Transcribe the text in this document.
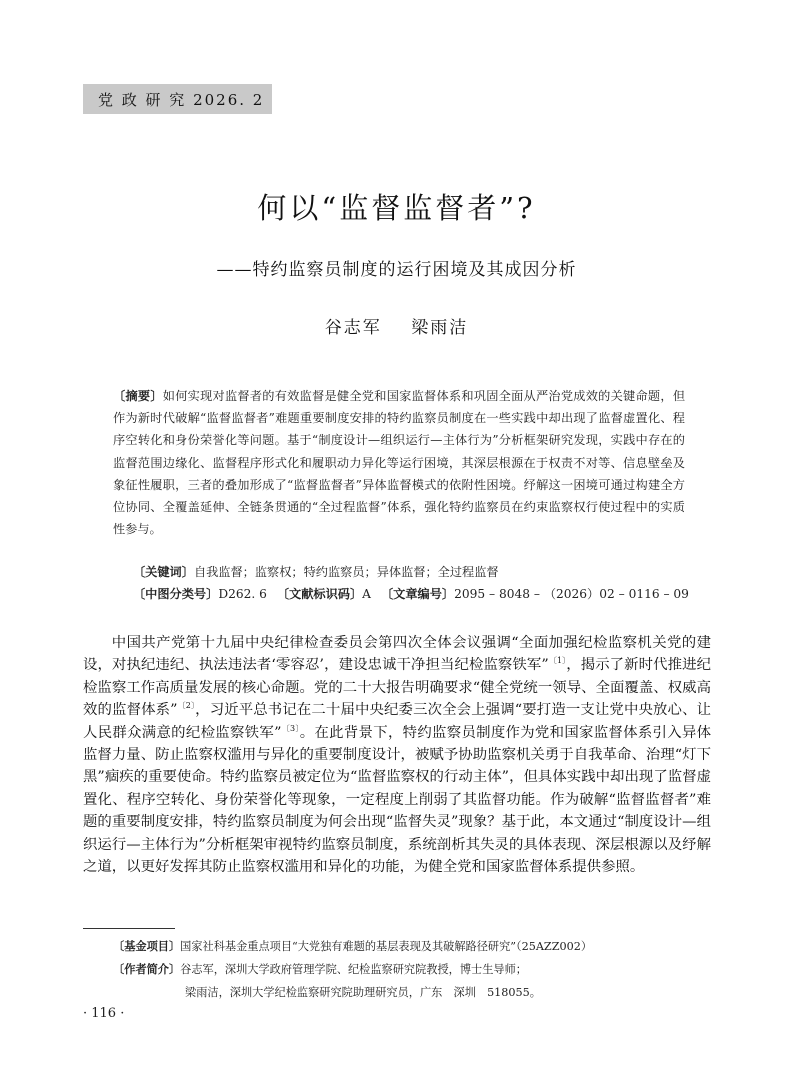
党 政 研 究 2026. 2
何以“监督监督者”?
——特约监察员制度的运行困境及其成因分析
谷志军 梁雨洁
〔摘要〕如何实现对监督者的有效监督是健全党和国家监督体系和巩固全面从严治党成效的关键命题，但作为新时代破解“监督监督者”难题重要制度安排的特约监察员制度在一些实践中却出现了监督虚置化、程序空转化和身份荣誉化等问题。基于“制度设计—组织运行—主体行为”分析框架研究发现，实践中存在的监督范围边缘化、监督程序形式化和履职动力异化等运行困境，其深层根源在于权责不对等、信息壁垒及象征性履职，三者的叠加形成了“监督监督者”异体监督模式的依附性困境。纾解这一困境可通过构建全方位协同、全覆盖延伸、全链条贯通的“全过程监督”体系，强化特约监察员在约束监察权行使过程中的实质性参与。
〔关键词〕自我监督；监察权；特约监察员；异体监督；全过程监督
〔中图分类号〕D262. 6 〔文献标识码〕A 〔文章编号〕2095 – 8048 – （2026）02 – 0116 – 09
中国共产党第十九届中央纪律检查委员会第四次全体会议强调“全面加强纪检监察机关党的建设，对执纪违纪、执法违法者‘零容忍’，建设忠诚干净担当纪检监察铁军”$^{〔1〕}$，揭示了新时代推进纪检监察工作高质量发展的核心命题。党的二十大报告明确要求“健全党统一领导、全面覆盖、权威高效的监督体系”$^{〔2〕}$，习近平总书记在二十届中央纪委三次全会上强调“要打造一支让党中央放心、让人民群众满意的纪检监察铁军”$^{〔3〕}$。在此背景下，特约监察员制度作为党和国家监督体系引入异体监督力量、防止监察权滥用与异化的重要制度设计，被赋予协助监察机关勇于自我革命、治理“灯下黑”痼疾的重要使命。特约监察员被定位为“监督监察权的行动主体”，但具体实践中却出现了监督虚置化、程序空转化、身份荣誉化等现象，一定程度上削弱了其监督功能。作为破解“监督监督者”难题的重要制度安排，特约监察员制度为何会出现“监督失灵”现象？基于此，本文通过“制度设计—组织运行—主体行为”分析框架审视特约监察员制度，系统剖析其失灵的具体表现、深层根源以及纾解之道，以更好发挥其防止监察权滥用和异化的功能，为健全党和国家监督体系提供参照。
〔基金项目〕国家社科基金重点项目“大党独有难题的基层表现及其破解路径研究”（25AZZ002）
〔作者简介〕谷志军，深圳大学政府管理学院、纪检监察研究院教授，博士生导师；
梁雨洁，深圳大学纪检监察研究院助理研究员，广东　深圳　518055。
· 116 ·
